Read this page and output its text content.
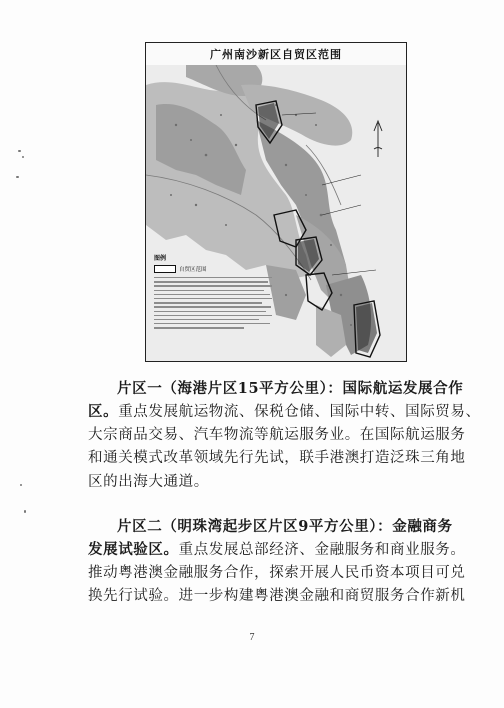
广州南沙新区自贸区范围
图例
自贸区范围
片区一（海港片区15平方公里）：国际航运发展合作
区。重点发展航运物流、保税仓储、国际中转、国际贸易、
大宗商品交易、汽车物流等航运服务业。在国际航运服务
和通关模式改革领域先行先试，联手港澳打造泛珠三角地
区的出海大通道。
片区二（明珠湾起步区片区9平方公里）：金融商务
发展试验区。重点发展总部经济、金融服务和商业服务。
推动粤港澳金融服务合作，探索开展人民币资本项目可兑
换先行试验。进一步构建粤港澳金融和商贸服务合作新机
7
